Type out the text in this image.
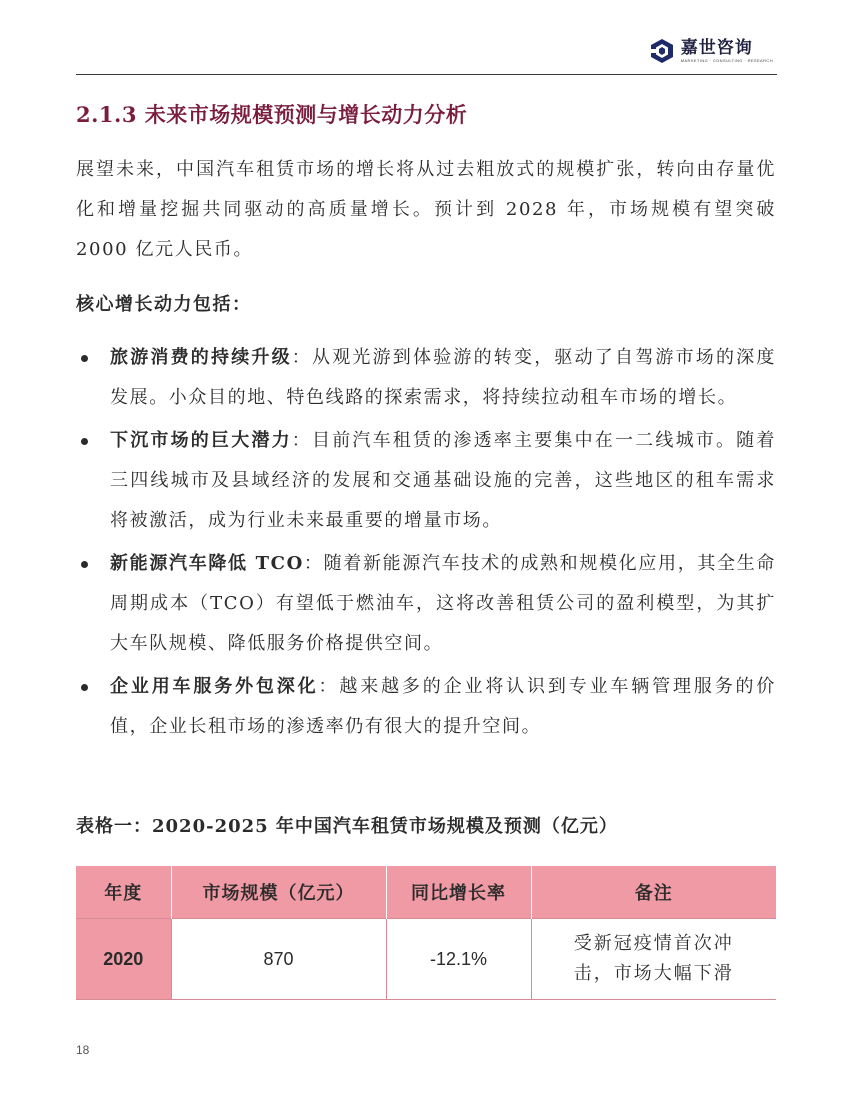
嘉世咨询
MARKETING · CONSULTING · RESEARCH
2.1.3 未来市场规模预测与增长动力分析

展望未来，中国汽车租赁市场的增长将从过去粗放式的规模扩张，转向由存量优化和增量挖掘共同驱动的高质量增长。预计到 2028 年，市场规模有望突破 2000 亿元人民币。

核心增长动力包括：

旅游消费的持续升级：从观光游到体验游的转变，驱动了自驾游市场的深度发展。小众目的地、特色线路的探索需求，将持续拉动租车市场的增长。
下沉市场的巨大潜力：目前汽车租赁的渗透率主要集中在一二线城市。随着三四线城市及县域经济的发展和交通基础设施的完善，这些地区的租车需求将被激活，成为行业未来最重要的增量市场。
新能源汽车降低 TCO：随着新能源汽车技术的成熟和规模化应用，其全生命周期成本（TCO）有望低于燃油车，这将改善租赁公司的盈利模型，为其扩大车队规模、降低服务价格提供空间。
企业用车服务外包深化：越来越多的企业将认识到专业车辆管理服务的价值，企业长租市场的渗透率仍有很大的提升空间。

表格一：2020-2025 年中国汽车租赁市场规模及预测（亿元）

年度	市场规模（亿元）	同比增长率	备注
2020	870	-12.1%	受新冠疫情首次冲击，市场大幅下滑
18
